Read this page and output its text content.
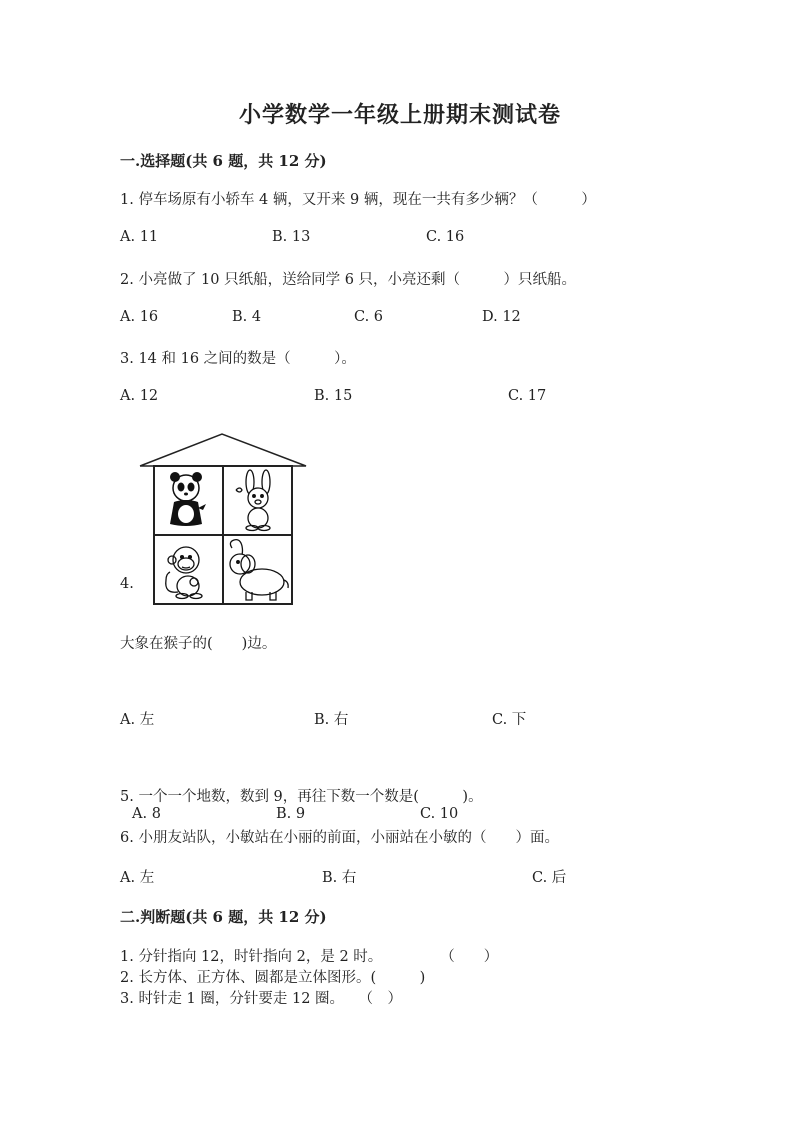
小学数学一年级上册期末测试卷
一.选择题(共 6 题，共 12 分)
1. 停车场原有小轿车 4 辆，又开来 9 辆，现在一共有多少辆？（　　　）
A. 11	B. 13	C. 16
2. 小亮做了 10 只纸船，送给同学 6 只，小亮还剩（　　　）只纸船。
A. 16	B. 4	C. 6	D. 12
3. 14 和 16 之间的数是（　　　）。
A. 12	B. 15	C. 17
4.
大象在猴子的(　　)边。
A. 左	B. 右	C. 下
5. 一个一个地数，数到 9，再往下数一个数是(　　　)。
A. 8	B. 9	C. 10
6. 小朋友站队，小敏站在小丽的前面，小丽站在小敏的（　　）面。
A. 左	B. 右	C. 后
二.判断题(共 6 题，共 12 分)
1. 分针指向 12，时针指向 2，是 2 时。　　　　　（　　）
2. 长方体、正方体、圆都是立体图形。(　　　)
3. 时针走 1 圈，分针要走 12 圈。　　（　）
